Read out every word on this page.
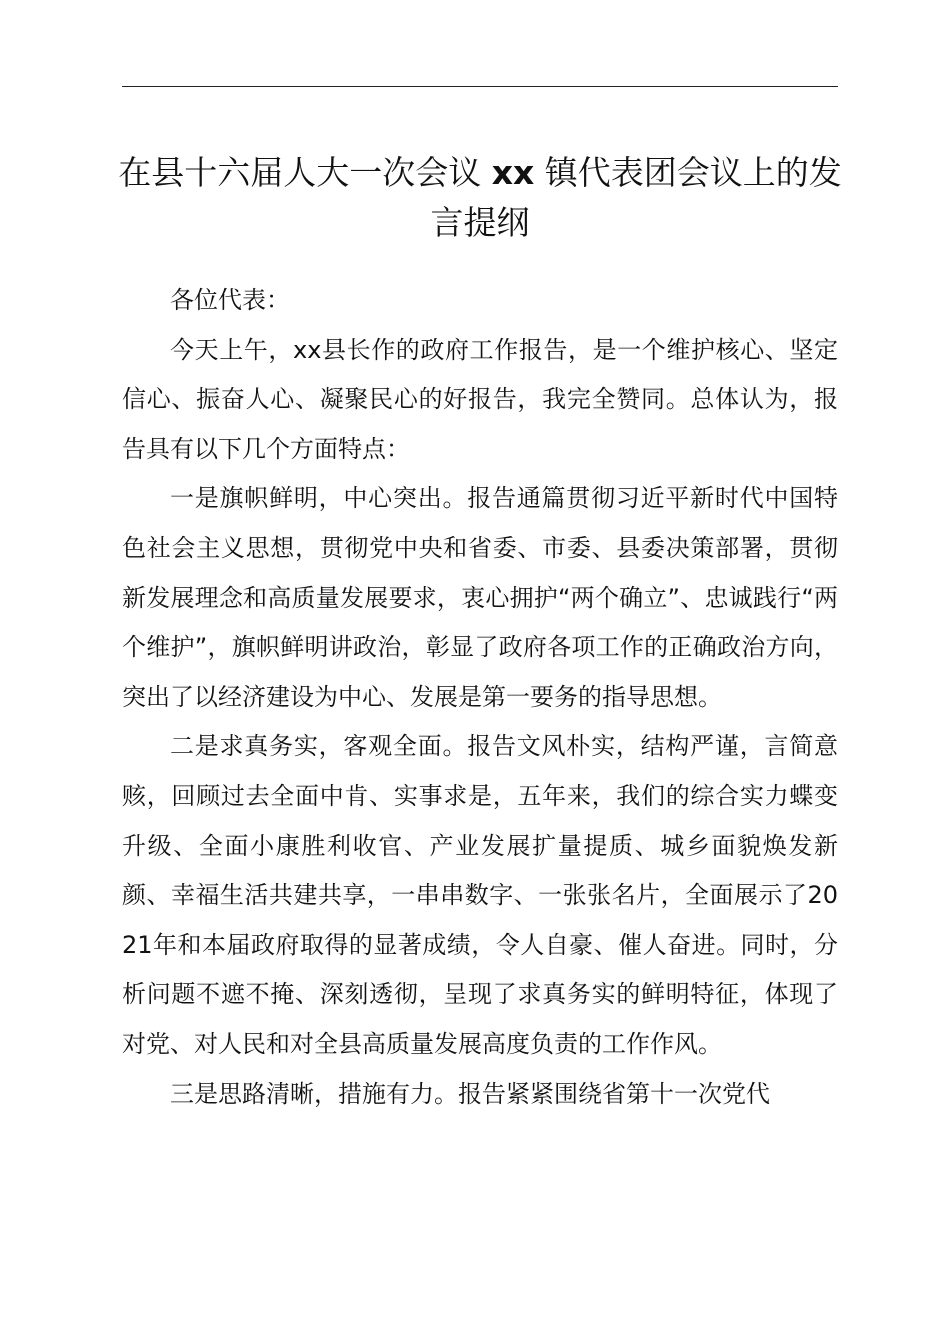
在县十六届人大一次会议 xx 镇代表团会议上的发言提纲

各位代表：

今天上午，xx县长作的政府工作报告，是一个维护核心、坚定信心、振奋人心、凝聚民心的好报告，我完全赞同。总体认为，报告具有以下几个方面特点：

一是旗帜鲜明，中心突出。报告通篇贯彻习近平新时代中国特色社会主义思想，贯彻党中央和省委、市委、县委决策部署，贯彻新发展理念和高质量发展要求，衷心拥护“两个确立”、忠诚践行“两个维护”，旗帜鲜明讲政治，彰显了政府各项工作的正确政治方向，突出了以经济建设为中心、发展是第一要务的指导思想。

二是求真务实，客观全面。报告文风朴实，结构严谨，言简意赅，回顾过去全面中肯、实事求是，五年来，我们的综合实力蝶变升级、全面小康胜利收官、产业发展扩量提质、城乡面貌焕发新颜、幸福生活共建共享，一串串数字、一张张名片，全面展示了2021年和本届政府取得的显著成绩，令人自豪、催人奋进。同时，分析问题不遮不掩、深刻透彻，呈现了求真务实的鲜明特征，体现了对党、对人民和对全县高质量发展高度负责的工作作风。

三是思路清晰，措施有力。报告紧紧围绕省第十一次党代
